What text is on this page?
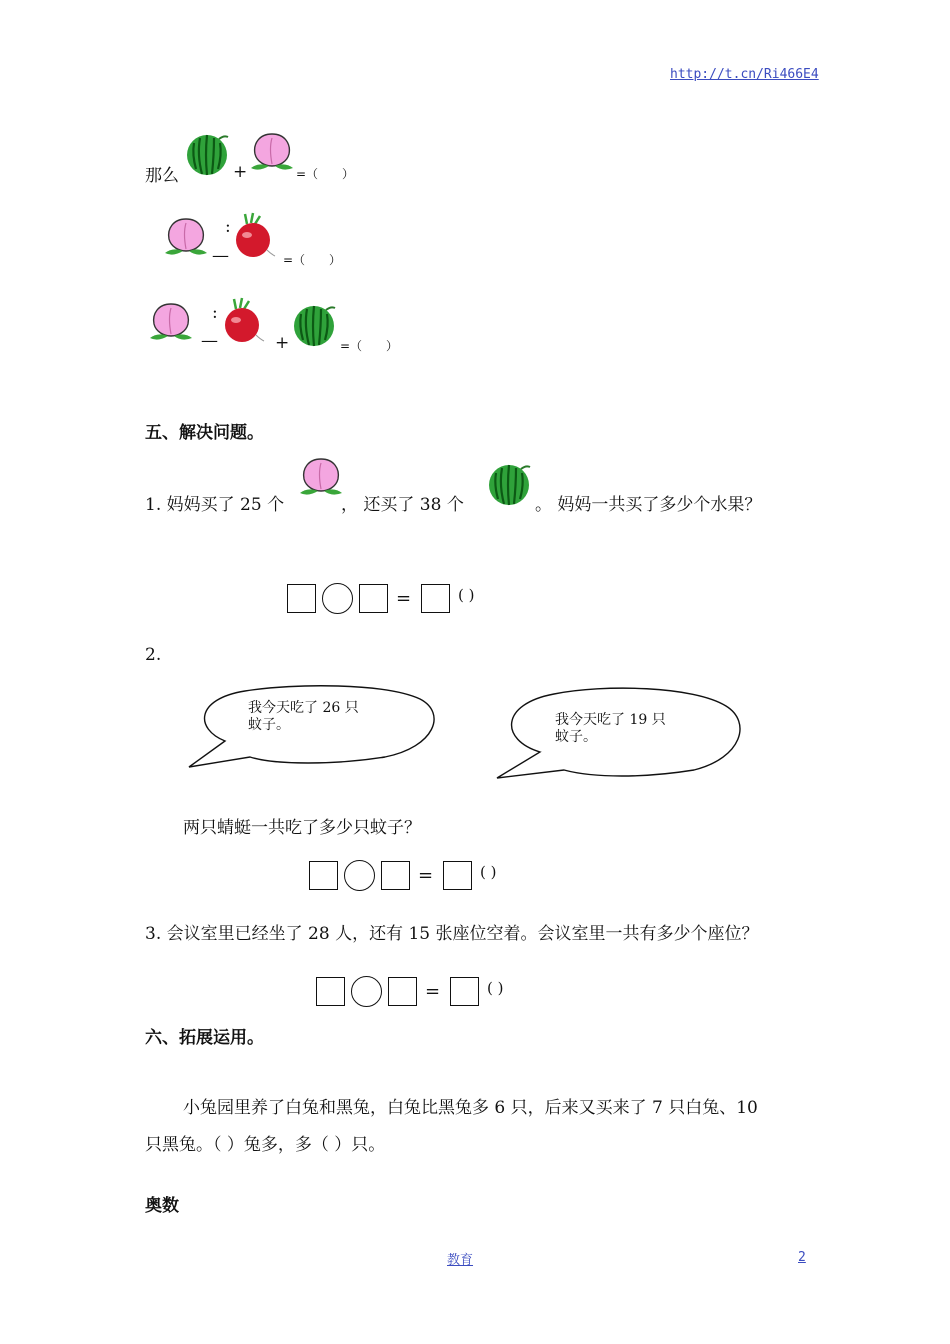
http://t.cn/Ri466E4
那么	+	=（　　）
:
—	=（　　）
:
—	+	=（　　）
五、解决问题。
1. 妈妈买了 25 个	， 还买了 38 个	。 妈妈一共买了多少个水果？
=	( )
2.
我今天吃了 26 只
蚊子。	我今天吃了 19 只
蚊子。
两只蜻蜓一共吃了多少只蚊子？
=	( )
3. 会议室里已经坐了 28 人，还有 15 张座位空着。会议室里一共有多少个座位？
=	( )
六、拓展运用。
小兔园里养了白兔和黑兔，白兔比黑兔多 6 只，后来又买来了 7 只白兔、10
只黑兔。（ ）兔多，多（ ）只。
奥数
教育	2
